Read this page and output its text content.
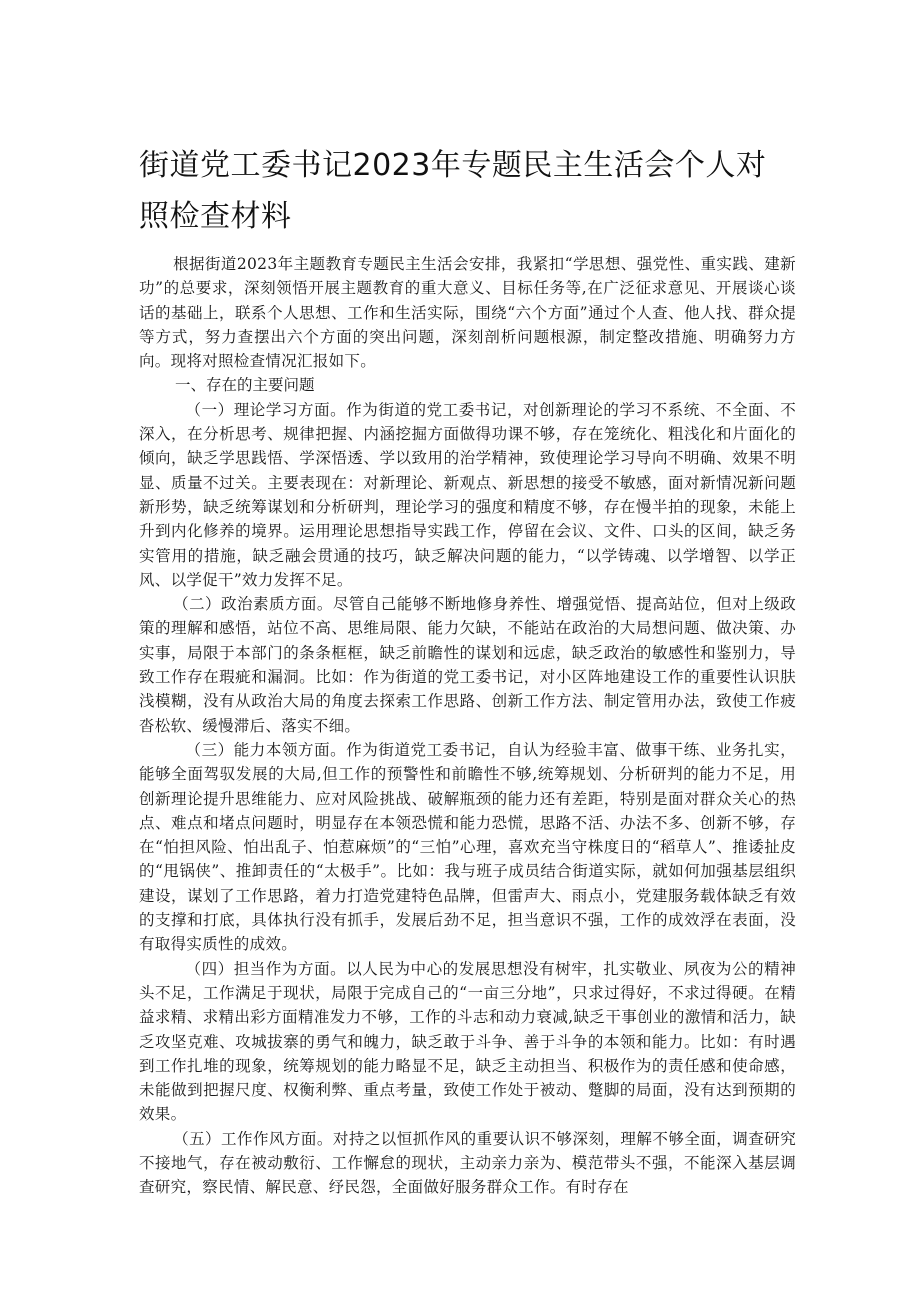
街道党工委书记2023年专题民主生活会个人对照检查材料

根据街道2023年主题教育专题民主生活会安排，我紧扣“学思想、强党性、重实践、建新功”的总要求，深刻领悟开展主题教育的重大意义、目标任务等,在广泛征求意见、开展谈心谈话的基础上，联系个人思想、工作和生活实际，围绕“六个方面”通过个人查、他人找、群众提等方式，努力查摆出六个方面的突出问题，深刻剖析问题根源，制定整改措施、明确努力方向。现将对照检查情况汇报如下。

一、存在的主要问题

（一）理论学习方面。作为街道的党工委书记，对创新理论的学习不系统、不全面、不深入，在分析思考、规律把握、内涵挖掘方面做得功课不够，存在笼统化、粗浅化和片面化的倾向，缺乏学思践悟、学深悟透、学以致用的治学精神，致使理论学习导向不明确、效果不明显、质量不过关。主要表现在：对新理论、新观点、新思想的接受不敏感，面对新情况新问题新形势，缺乏统筹谋划和分析研判，理论学习的强度和精度不够，存在慢半拍的现象，未能上升到内化修养的境界。运用理论思想指导实践工作，停留在会议、文件、口头的区间，缺乏务实管用的措施，缺乏融会贯通的技巧，缺乏解决问题的能力，“以学铸魂、以学增智、以学正风、以学促干”效力发挥不足。

（二）政治素质方面。尽管自己能够不断地修身养性、增强觉悟、提高站位，但对上级政策的理解和感悟，站位不高、思维局限、能力欠缺，不能站在政治的大局想问题、做决策、办实事，局限于本部门的条条框框，缺乏前瞻性的谋划和远虑，缺乏政治的敏感性和鉴别力，导致工作存在瑕疵和漏洞。比如：作为街道的党工委书记，对小区阵地建设工作的重要性认识肤浅模糊，没有从政治大局的角度去探索工作思路、创新工作方法、制定管用办法，致使工作疲沓松软、缓慢滞后、落实不细。

（三）能力本领方面。作为街道党工委书记，自认为经验丰富、做事干练、业务扎实，能够全面驾驭发展的大局,但工作的预警性和前瞻性不够,统筹规划、分析研判的能力不足，用创新理论提升思维能力、应对风险挑战、破解瓶颈的能力还有差距，特别是面对群众关心的热点、难点和堵点问题时，明显存在本领恐慌和能力恐慌，思路不活、办法不多、创新不够，存在“怕担风险、怕出乱子、怕惹麻烦”的“三怕”心理，喜欢充当守株度日的“稻草人”、推诿扯皮的“甩锅侠”、推卸责任的“太极手”。比如：我与班子成员结合街道实际，就如何加强基层组织建设，谋划了工作思路，着力打造党建特色品牌，但雷声大、雨点小，党建服务载体缺乏有效的支撑和打底，具体执行没有抓手，发展后劲不足，担当意识不强，工作的成效浮在表面，没有取得实质性的成效。

（四）担当作为方面。以人民为中心的发展思想没有树牢，扎实敬业、夙夜为公的精神头不足，工作满足于现状，局限于完成自己的“一亩三分地”，只求过得好，不求过得硬。在精益求精、求精出彩方面精准发力不够，工作的斗志和动力衰减,缺乏干事创业的激情和活力，缺乏攻坚克难、攻城拔寨的勇气和魄力，缺乏敢于斗争、善于斗争的本领和能力。比如：有时遇到工作扎堆的现象，统筹规划的能力略显不足，缺乏主动担当、积极作为的责任感和使命感，未能做到把握尺度、权衡利弊、重点考量，致使工作处于被动、蹩脚的局面，没有达到预期的效果。

（五）工作作风方面。对持之以恒抓作风的重要认识不够深刻，理解不够全面，调查研究不接地气，存在被动敷衍、工作懈怠的现状，主动亲力亲为、模范带头不强，不能深入基层调查研究，察民情、解民意、纾民怨，全面做好服务群众工作。有时存在
